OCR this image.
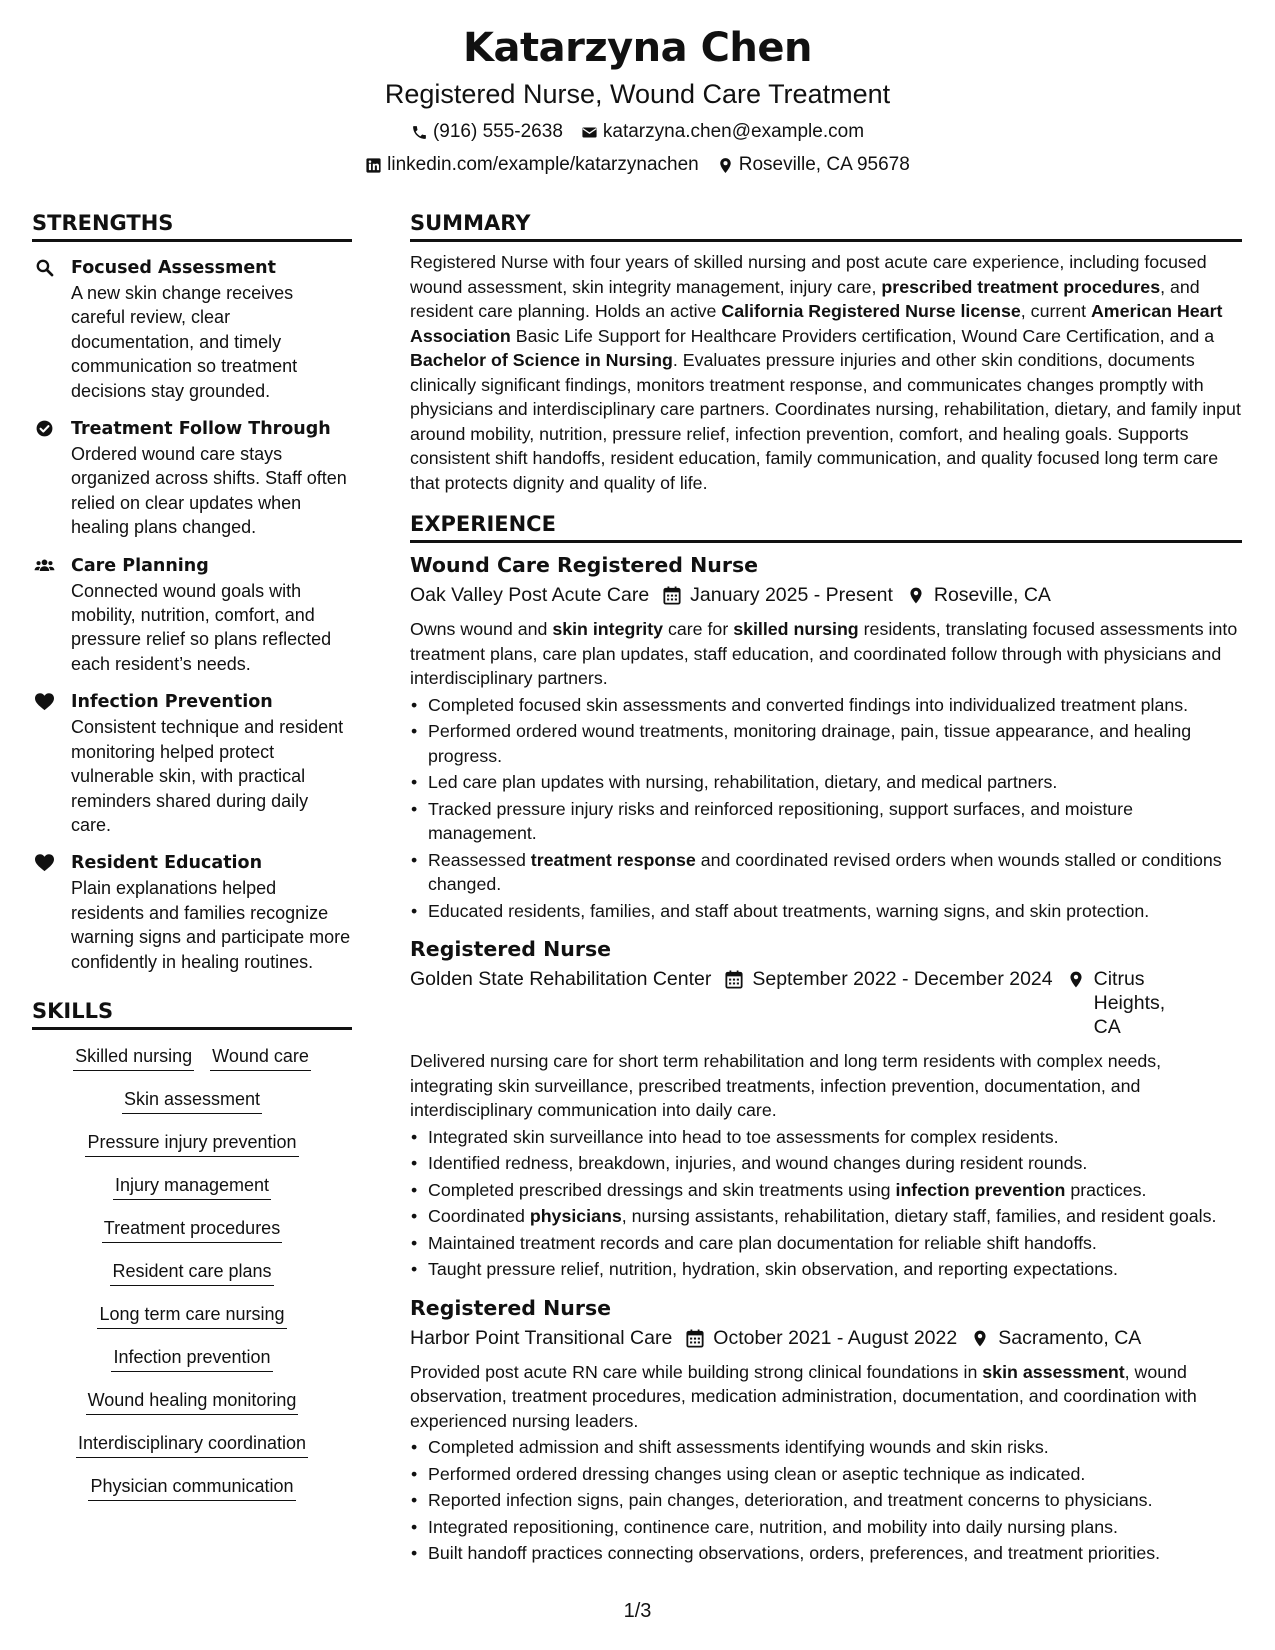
Katarzyna Chen
Registered Nurse, Wound Care Treatment
(916) 555-2638 katarzyna.chen@example.com
linkedin.com/example/katarzynachen Roseville, CA 95678
STRENGTHS
Focused Assessment
A new skin change receives careful review, clear documentation, and timely communication so treatment decisions stay grounded.
Treatment Follow Through
Ordered wound care stays organized across shifts. Staff often relied on clear updates when healing plans changed.
Care Planning
Connected wound goals with mobility, nutrition, comfort, and pressure relief so plans reflected each resident’s needs.
Infection Prevention
Consistent technique and resident monitoring helped protect vulnerable skin, with practical reminders shared during daily care.
Resident Education
Plain explanations helped residents and families recognize warning signs and participate more confidently in healing routines.
SKILLS
Skilled nursing Wound care
Skin assessment
Pressure injury prevention
Injury management
Treatment procedures
Resident care plans
Long term care nursing
Infection prevention
Wound healing monitoring
Interdisciplinary coordination
Physician communication
SUMMARY

Registered Nurse with four years of skilled nursing and post acute care experience, including focused wound assessment, skin integrity management, injury care, prescribed treatment procedures, and resident care planning. Holds an active California Registered Nurse license, current American Heart Association Basic Life Support for Healthcare Providers certification, Wound Care Certification, and a Bachelor of Science in Nursing. Evaluates pressure injuries and other skin conditions, documents clinically significant findings, monitors treatment response, and communicates changes promptly with physicians and interdisciplinary care partners. Coordinates nursing, rehabilitation, dietary, and family input around mobility, nutrition, pressure relief, infection prevention, comfort, and healing goals. Supports consistent shift handoffs, resident education, family communication, and quality focused long term care that protects dignity and quality of life.

EXPERIENCE
Wound Care Registered Nurse
Oak Valley Post Acute Care January 2025 - Present Roseville, CA

Owns wound and skin integrity care for skilled nursing residents, translating focused assessments into treatment plans, care plan updates, staff education, and coordinated follow through with physicians and interdisciplinary partners.

• Completed focused skin assessments and converted findings into individualized treatment plans.
• Performed ordered wound treatments, monitoring drainage, pain, tissue appearance, and healing progress.
• Led care plan updates with nursing, rehabilitation, dietary, and medical partners.
• Tracked pressure injury risks and reinforced repositioning, support surfaces, and moisture management.
• Reassessed treatment response and coordinated revised orders when wounds stalled or conditions changed.
• Educated residents, families, and staff about treatments, warning signs, and skin protection.
Registered Nurse
Golden State Rehabilitation Center September 2022 - December 2024 Citrus Heights, CA

Delivered nursing care for short term rehabilitation and long term residents with complex needs, integrating skin surveillance, prescribed treatments, infection prevention, documentation, and interdisciplinary communication into daily care.

• Integrated skin surveillance into head to toe assessments for complex residents.
• Identified redness, breakdown, injuries, and wound changes during resident rounds.
• Completed prescribed dressings and skin treatments using infection prevention practices.
• Coordinated physicians, nursing assistants, rehabilitation, dietary staff, families, and resident goals.
• Maintained treatment records and care plan documentation for reliable shift handoffs.
• Taught pressure relief, nutrition, hydration, skin observation, and reporting expectations.
Registered Nurse
Harbor Point Transitional Care October 2021 - August 2022 Sacramento, CA

Provided post acute RN care while building strong clinical foundations in skin assessment, wound observation, treatment procedures, medication administration, documentation, and coordination with experienced nursing leaders.

• Completed admission and shift assessments identifying wounds and skin risks.
• Performed ordered dressing changes using clean or aseptic technique as indicated.
• Reported infection signs, pain changes, deterioration, and treatment concerns to physicians.
• Integrated repositioning, continence care, nutrition, and mobility into daily nursing plans.
• Built handoff practices connecting observations, orders, preferences, and treatment priorities.
1/3
